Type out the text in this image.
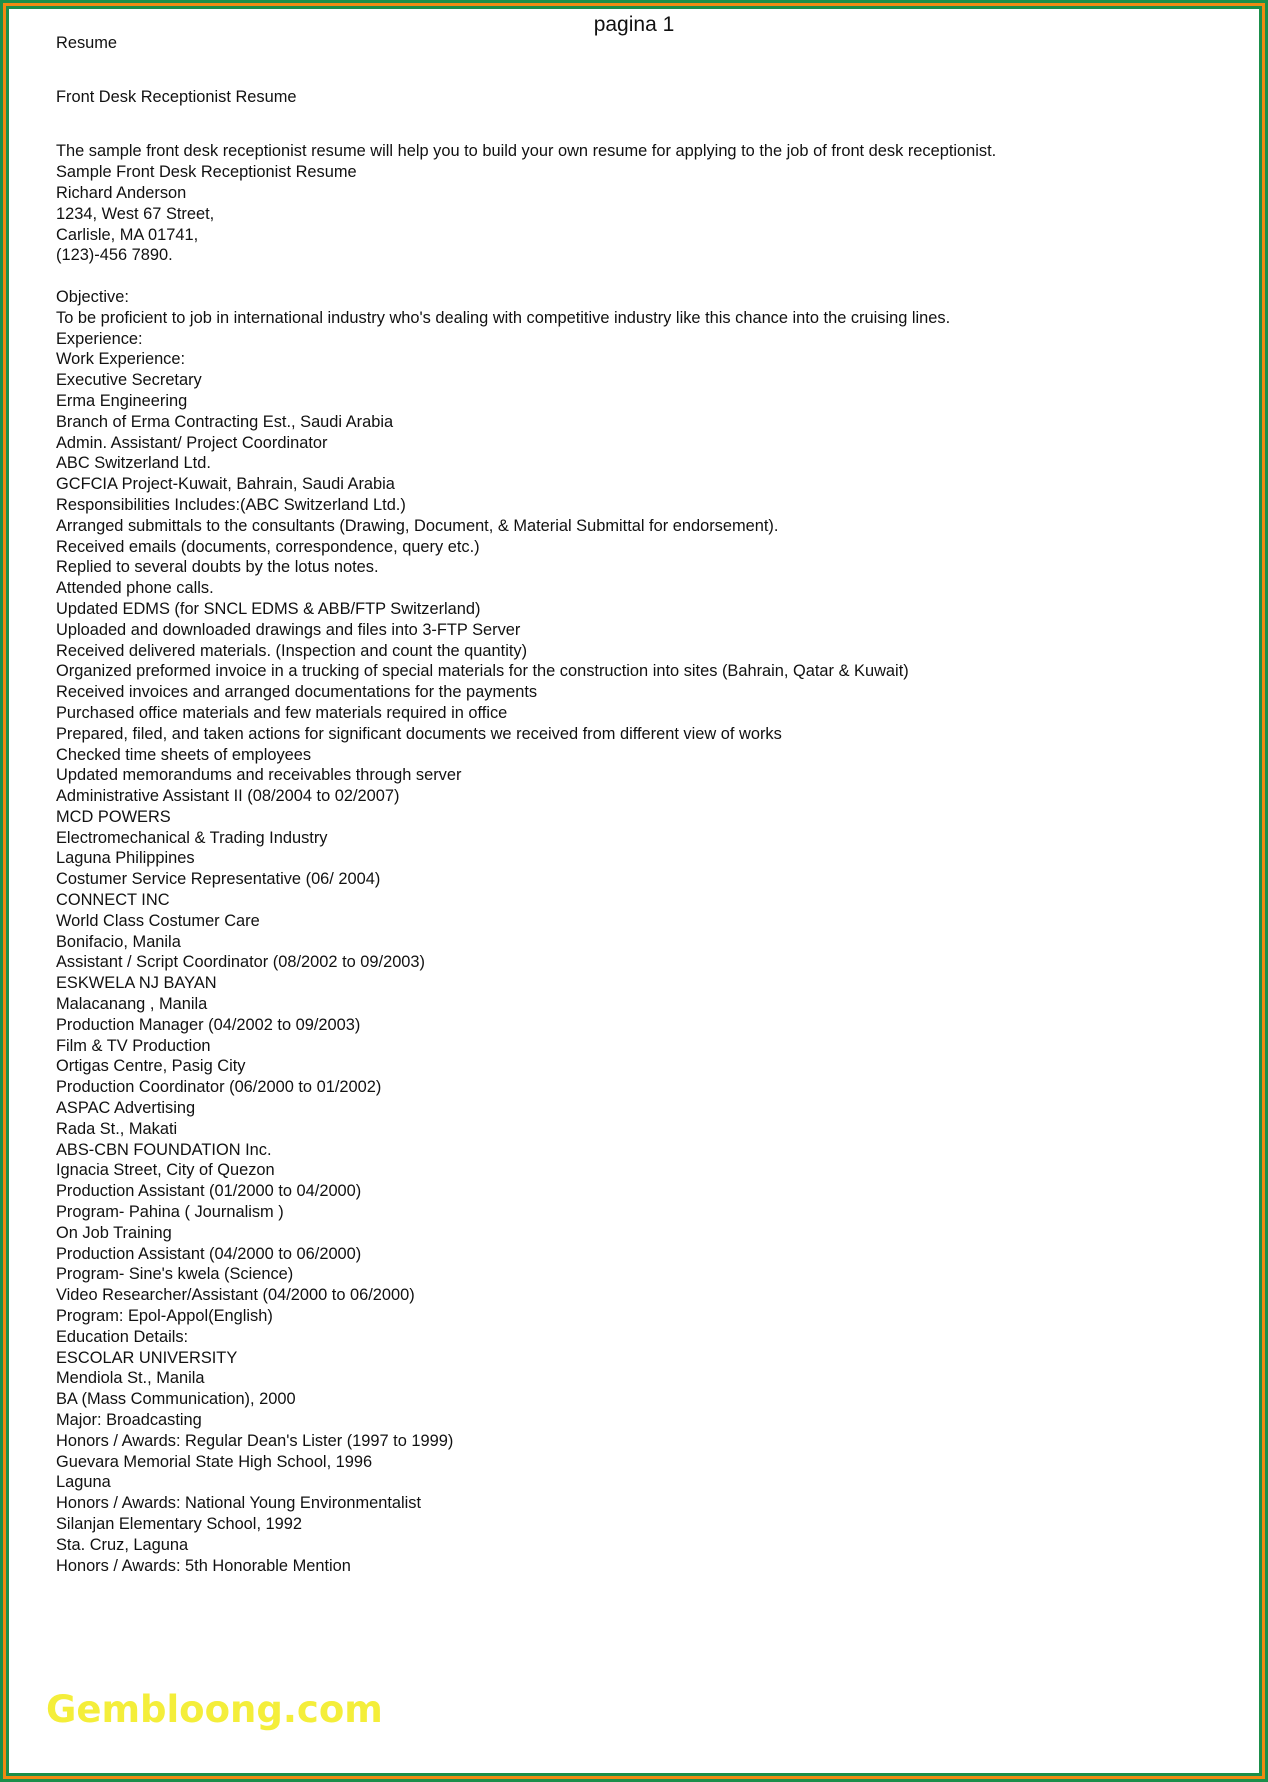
pagina 1
Resume
Front Desk Receptionist Resume
The sample front desk receptionist resume will help you to build your own resume for applying to the job of front desk receptionist.
Sample Front Desk Receptionist Resume
Richard Anderson
1234, West 67 Street,
Carlisle, MA 01741,
(123)-456 7890.
Objective:
To be proficient to job in international industry who's dealing with competitive industry like this chance into the cruising lines.
Experience:
Work Experience:
Executive Secretary
Erma Engineering
Branch of Erma Contracting Est., Saudi Arabia
Admin. Assistant/ Project Coordinator
ABC Switzerland Ltd.
GCFCIA Project-Kuwait, Bahrain, Saudi Arabia
Responsibilities Includes:(ABC Switzerland Ltd.)
Arranged submittals to the consultants (Drawing, Document, & Material Submittal for endorsement).
Received emails (documents, correspondence, query etc.)
Replied to several doubts by the lotus notes.
Attended phone calls.
Updated EDMS (for SNCL EDMS & ABB/FTP Switzerland)
Uploaded and downloaded drawings and files into 3-FTP Server
Received delivered materials. (Inspection and count the quantity)
Organized preformed invoice in a trucking of special materials for the construction into sites (Bahrain, Qatar & Kuwait)
Received invoices and arranged documentations for the payments
Purchased office materials and few materials required in office
Prepared, filed, and taken actions for significant documents we received from different view of works
Checked time sheets of employees
Updated memorandums and receivables through server
Administrative Assistant II (08/2004 to 02/2007)
MCD POWERS
Electromechanical & Trading Industry
Laguna Philippines
Costumer Service Representative (06/ 2004)
CONNECT INC
World Class Costumer Care
Bonifacio, Manila
Assistant / Script Coordinator (08/2002 to 09/2003)
ESKWELA NJ BAYAN
Malacanang , Manila
Production Manager (04/2002 to 09/2003)
Film & TV Production
Ortigas Centre, Pasig City
Production Coordinator (06/2000 to 01/2002)
ASPAC Advertising
Rada St., Makati
ABS-CBN FOUNDATION Inc.
Ignacia Street, City of Quezon
Production Assistant (01/2000 to 04/2000)
Program- Pahina ( Journalism )
On Job Training
Production Assistant (04/2000 to 06/2000)
Program- Sine's kwela (Science)
Video Researcher/Assistant (04/2000 to 06/2000)
Program: Epol-Appol(English)
Education Details:
ESCOLAR UNIVERSITY
Mendiola St., Manila
BA (Mass Communication), 2000
Major: Broadcasting
Honors / Awards: Regular Dean's Lister (1997 to 1999)
Guevara Memorial State High School, 1996
Laguna
Honors / Awards: National Young Environmentalist
Silanjan Elementary School, 1992
Sta. Cruz, Laguna
Honors / Awards: 5th Honorable Mention
Gembloong.com
